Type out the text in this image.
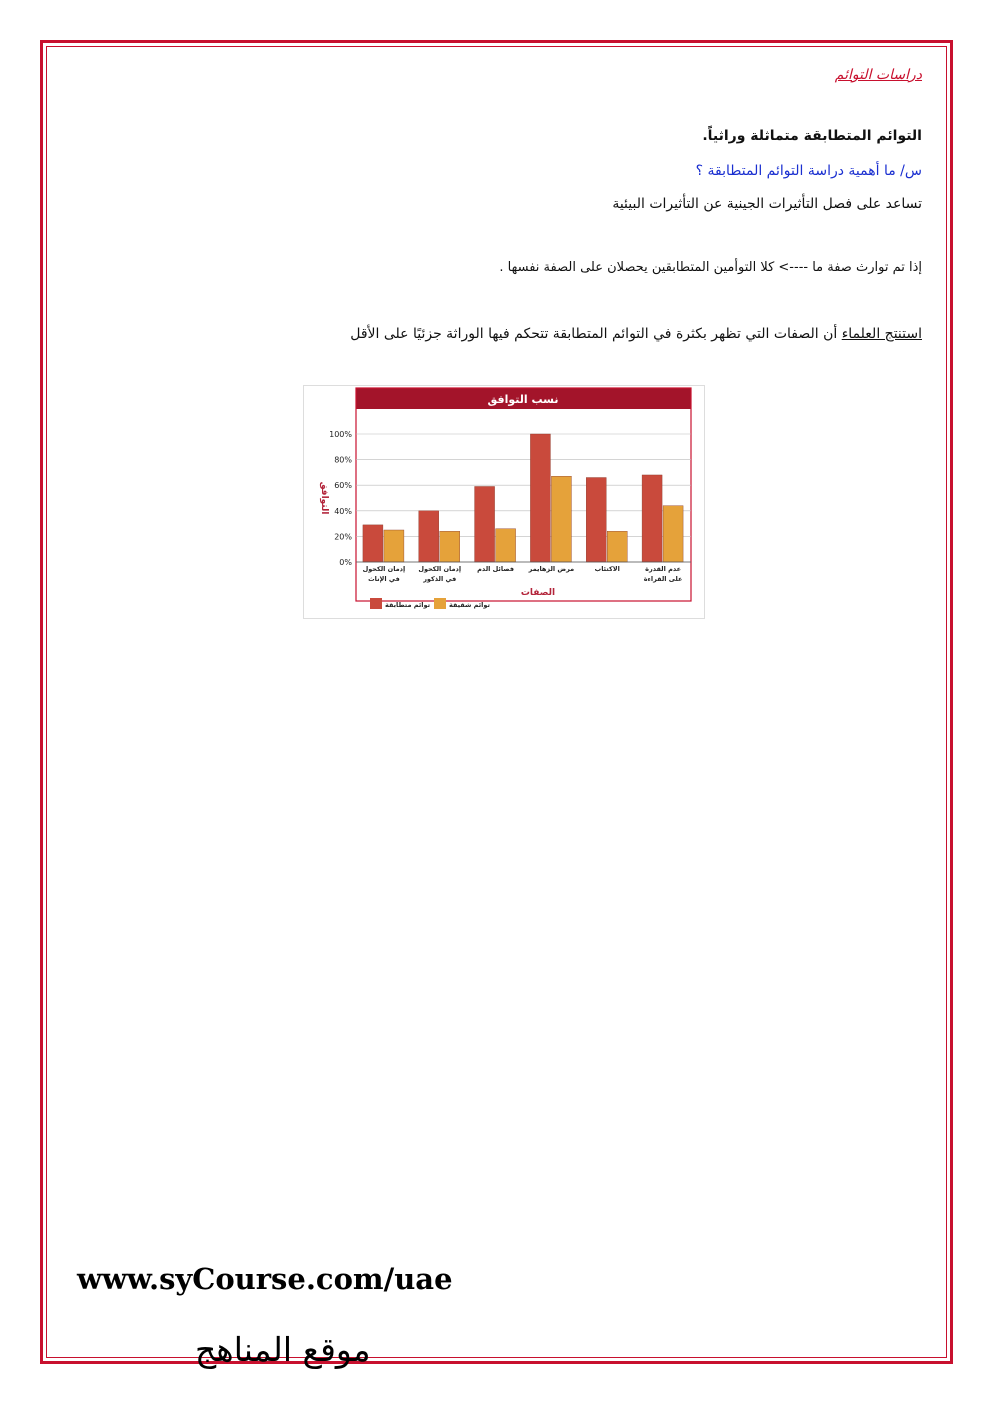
دراسات التوائم
التوائم المتطابقة متماثلة وراثياً.
س/ ما أهمية دراسة التوائم المتطابقة ؟
تساعد على فصل التأثيرات الجينية عن التأثيرات البيئية
إذا تم توارث صفة ما ----> كلا التوأمين المتطابقين يحصلان على الصفة نفسها .
استنتج العلماء أن الصفات التي تظهر بكثرة في التوائم المتطابقة تتحكم فيها الوراثة جزئيًا على الأقل
نسب التوافق
0%
20%
40%
60%
80%
100%
التوافق
إدمان الكحول
في الإناث
إدمان الكحول
في الذكور
فصائل الدم مرض الزهايمر	الاكتئاب	عدم القدرة
على القراءة
الصفات
توائم متطابقة	توائم شقيقة
www.syCourse.com/uae
موقع المناهج
